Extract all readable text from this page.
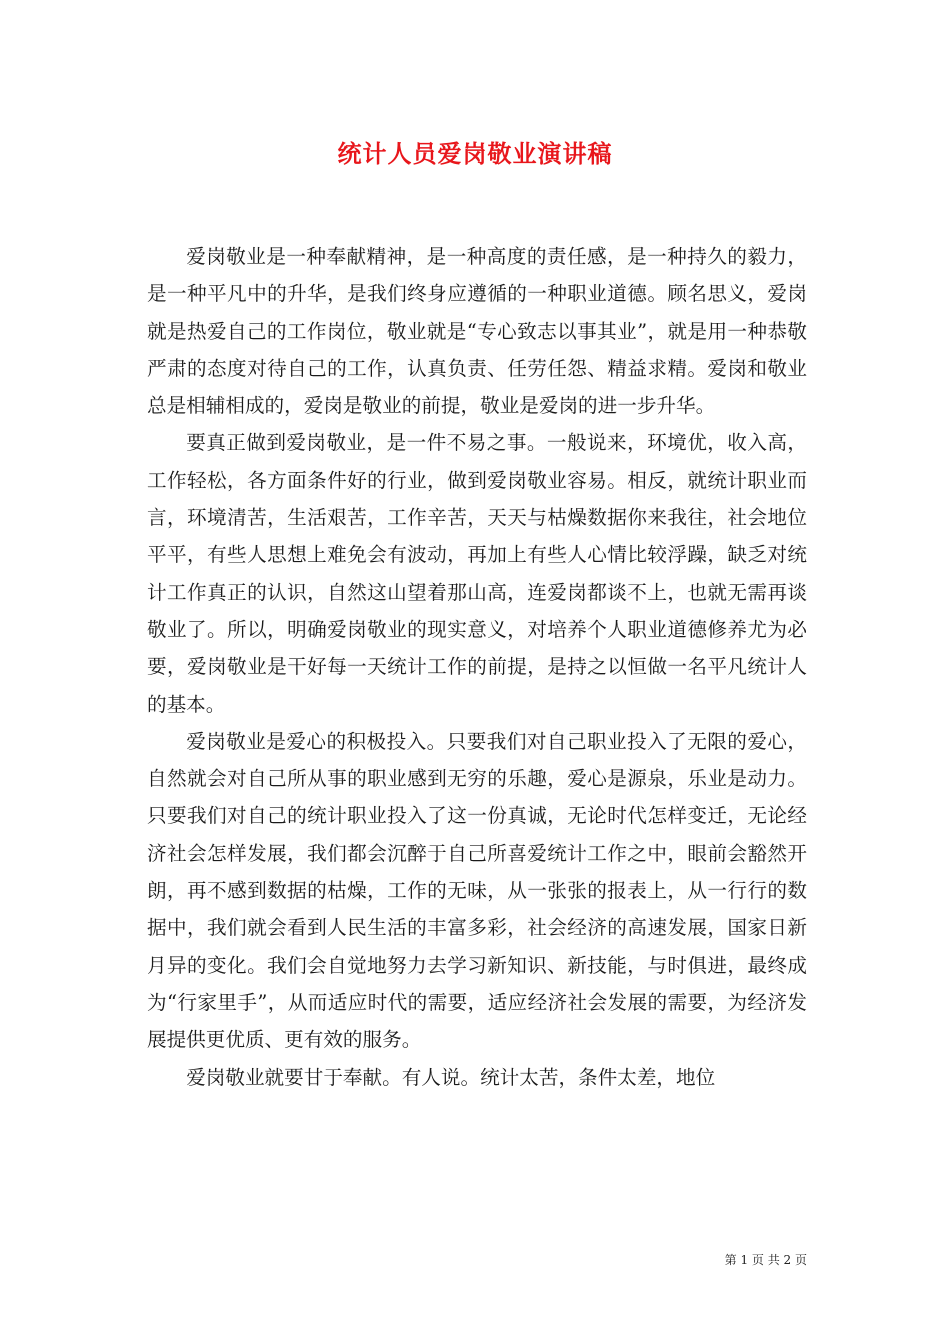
统计人员爱岗敬业演讲稿

爱岗敬业是一种奉献精神，是一种高度的责任感，是一种持久的毅力，是一种平凡中的升华，是我们终身应遵循的一种职业道德。顾名思义，爱岗就是热爱自己的工作岗位，敬业就是“专心致志以事其业”，就是用一种恭敬严肃的态度对待自己的工作，认真负责、任劳任怨、精益求精。爱岗和敬业总是相辅相成的，爱岗是敬业的前提，敬业是爱岗的进一步升华。

要真正做到爱岗敬业，是一件不易之事。一般说来，环境优，收入高，工作轻松，各方面条件好的行业，做到爱岗敬业容易。相反，就统计职业而言，环境清苦，生活艰苦，工作辛苦，天天与枯燥数据你来我往，社会地位平平，有些人思想上难免会有波动，再加上有些人心情比较浮躁，缺乏对统计工作真正的认识，自然这山望着那山高，连爱岗都谈不上，也就无需再谈敬业了。所以，明确爱岗敬业的现实意义，对培养个人职业道德修养尤为必要，爱岗敬业是干好每一天统计工作的前提，是持之以恒做一名平凡统计人的基本。

爱岗敬业是爱心的积极投入。只要我们对自己职业投入了无限的爱心，自然就会对自己所从事的职业感到无穷的乐趣，爱心是源泉，乐业是动力。只要我们对自己的统计职业投入了这一份真诚，无论时代怎样变迁，无论经济社会怎样发展，我们都会沉醉于自己所喜爱统计工作之中，眼前会豁然开朗，再不感到数据的枯燥，工作的无味，从一张张的报表上，从一行行的数据中，我们就会看到人民生活的丰富多彩，社会经济的高速发展，国家日新月异的变化。我们会自觉地努力去学习新知识、新技能，与时俱进，最终成为“行家里手”，从而适应时代的需要，适应经济社会发展的需要，为经济发展提供更优质、更有效的服务。

爱岗敬业就要甘于奉献。有人说。统计太苦，条件太差，地位

第 1 页 共 2 页
